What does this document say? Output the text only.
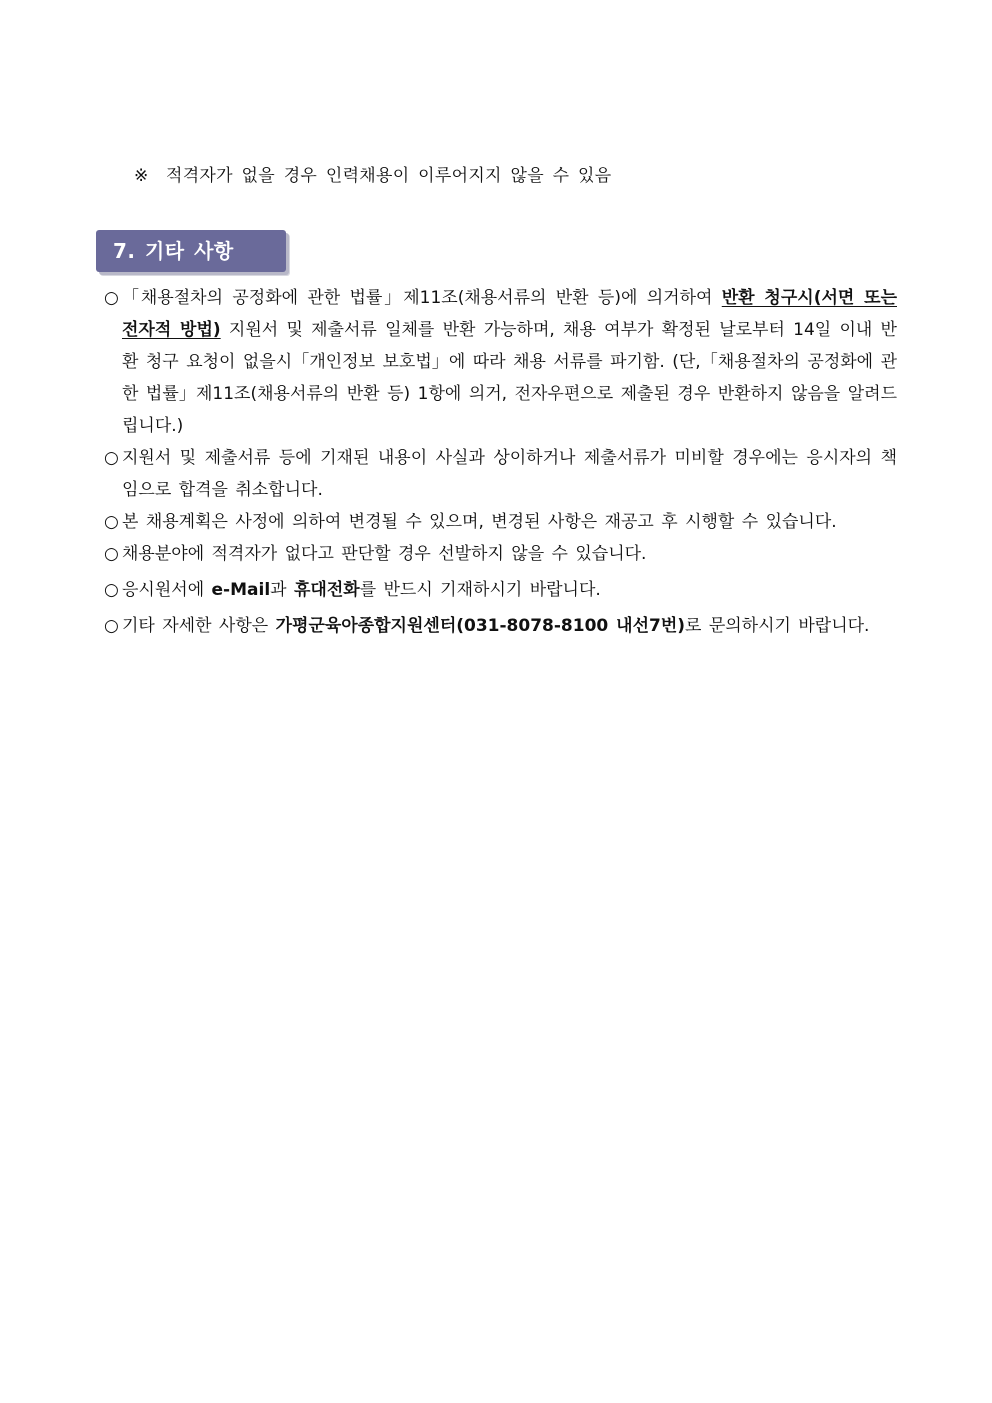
※ 적격자가 없을 경우 인력채용이 이루어지지 않을 수 있음
7. 기타 사항
○ 「채용절차의 공정화에 관한 법률」제11조(채용서류의 반환 등)에 의거하여 반환 청구시(서면 또는 전자적 방법) 지원서 및 제출서류 일체를 반환 가능하며, 채용 여부가 확정된 날로부터 14일 이내 반환 청구 요청이 없을시「개인정보 보호법」에 따라 채용 서류를 파기함. (단,「채용절차의 공정화에 관한 법률」제11조(채용서류의 반환 등) 1항에 의거, 전자우편으로 제출된 경우 반환하지 않음을 알려드립니다.)
○ 지원서 및 제출서류 등에 기재된 내용이 사실과 상이하거나 제출서류가 미비할 경우에는 응시자의 책임으로 합격을 취소합니다.
○ 본 채용계획은 사정에 의하여 변경될 수 있으며, 변경된 사항은 재공고 후 시행할 수 있습니다.
○ 채용분야에 적격자가 없다고 판단할 경우 선발하지 않을 수 있습니다.
○ 응시원서에 e-Mail과 휴대전화를 반드시 기재하시기 바랍니다.
○ 기타 자세한 사항은 가평군육아종합지원센터(031-8078-8100 내선7번)로 문의하시기 바랍니다.
